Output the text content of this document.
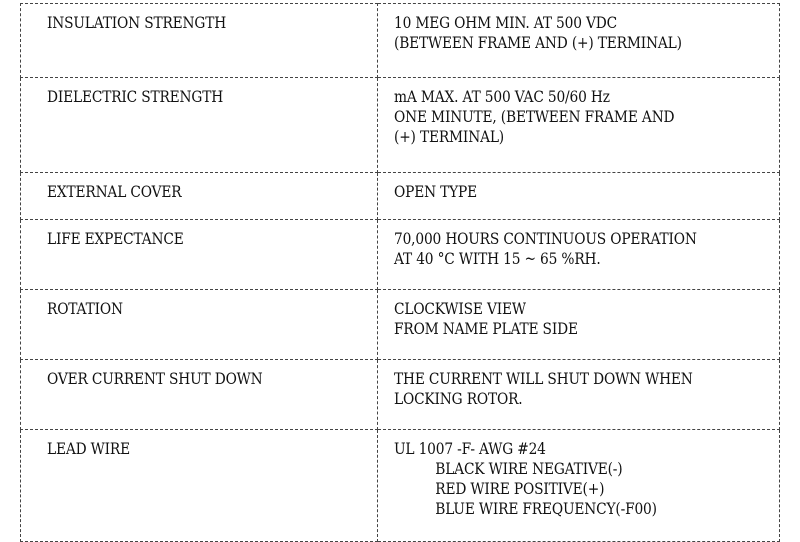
INSULATION STRENGTH	10 MEG OHM MIN. AT 500 VDC
(BETWEEN FRAME AND (+) TERMINAL)

DIELECTRIC STRENGTH	mA MAX. AT 500 VAC 50/60 Hz
ONE MINUTE, (BETWEEN FRAME AND
(+) TERMINAL)

EXTERNAL COVER	OPEN TYPE

LIFE EXPECTANCE	70,000 HOURS CONTINUOUS OPERATION
AT 40 °C WITH 15 ~ 65 %RH.

ROTATION	CLOCKWISE VIEW
FROM NAME PLATE SIDE

OVER CURRENT SHUT DOWN	THE CURRENT WILL SHUT DOWN WHEN
LOCKING ROTOR.

LEAD WIRE	UL 1007 -F- AWG #24
BLACK WIRE NEGATIVE(-)
RED WIRE POSITIVE(+)
BLUE WIRE FREQUENCY(-F00)
